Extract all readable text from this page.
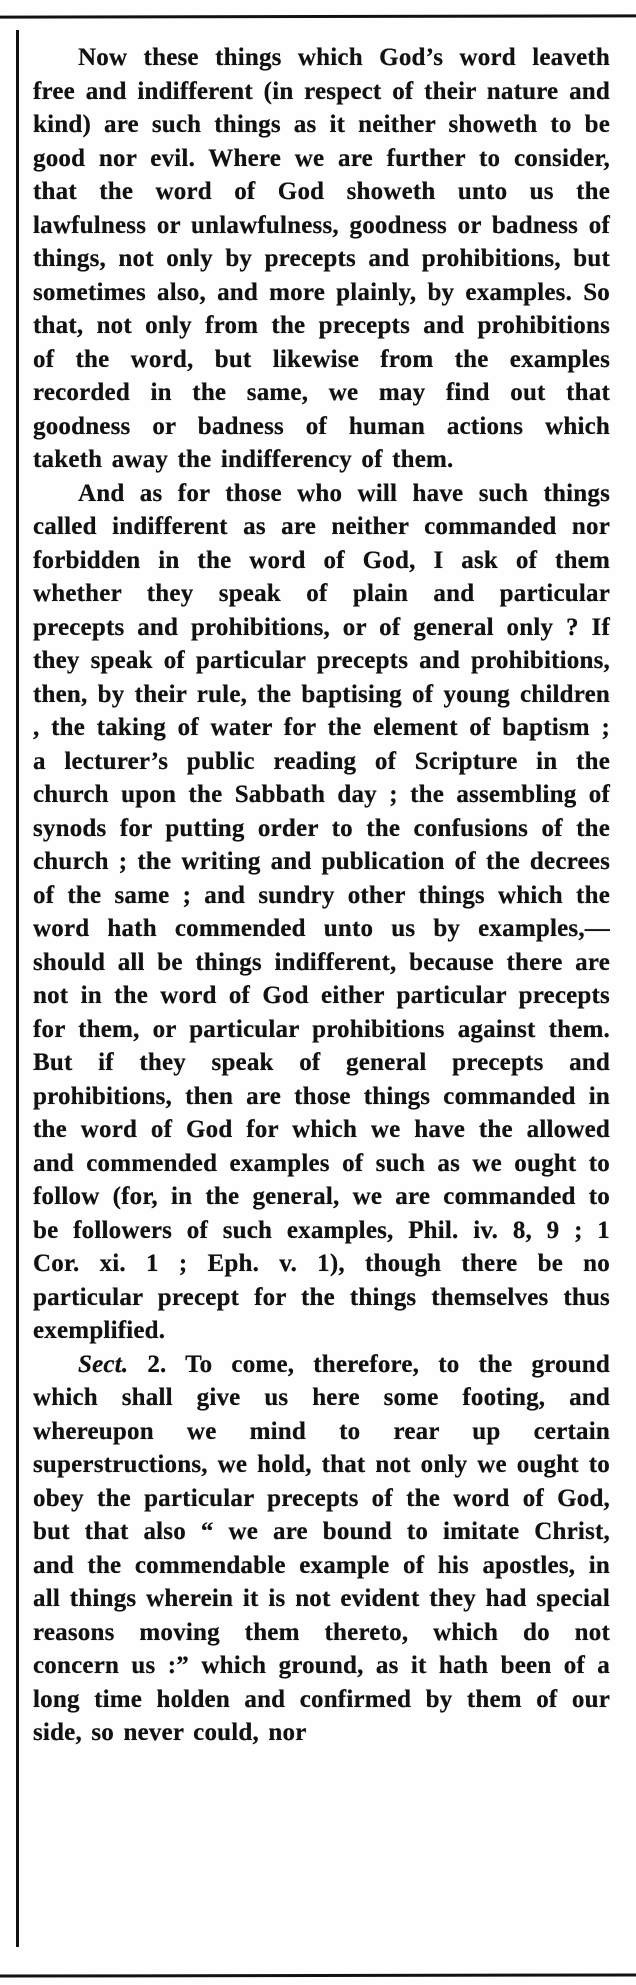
Now these things which God’s word leaveth free and indifferent (in respect of their nature and kind) are such things as it neither showeth to be good nor evil. Where we are further to consider, that the word of God showeth unto us the lawfulness or unlawfulness, goodness or badness of things, not only by precepts and prohibitions, but sometimes also, and more plainly, by examples. So that, not only from the precepts and prohibitions of the word, but likewise from the examples recorded in the same, we may find out that goodness or badness of human actions which taketh away the indifferency of them.

And as for those who will have such things called indifferent as are neither commanded nor forbidden in the word of God, I ask of them whether they speak of plain and particular precepts and prohibitions, or of general only ? If they speak of particular precepts and prohibitions, then, by their rule, the baptising of young children , the taking of water for the element of baptism ; a lecturer’s public reading of Scripture in the church upon the Sabbath day ; the assembling of synods for putting order to the confusions of the church ; the writing and publication of the decrees of the same ; and sundry other things which the word hath commended unto us by examples,—should all be things indifferent, because there are not in the word of God either particular precepts for them, or particular prohibitions against them. But if they speak of general precepts and prohibitions, then are those things commanded in the word of God for which we have the allowed and commended examples of such as we ought to follow (for, in the general, we are commanded to be followers of such examples, Phil. iv. 8, 9 ; 1 Cor. xi. 1 ; Eph. v. 1), though there be no particular precept for the things themselves thus exemplified.

Sect. 2. To come, therefore, to the ground which shall give us here some footing, and whereupon we mind to rear up certain superstructions, we hold, that not only we ought to obey the particular precepts of the word of God, but that also “ we are bound to imitate Christ, and the commendable example of his apostles, in all things wherein it is not evident they had special reasons moving them thereto, which do not concern us :” which ground, as it hath been of a long time holden and confirmed by them of our side, so never could, nor
